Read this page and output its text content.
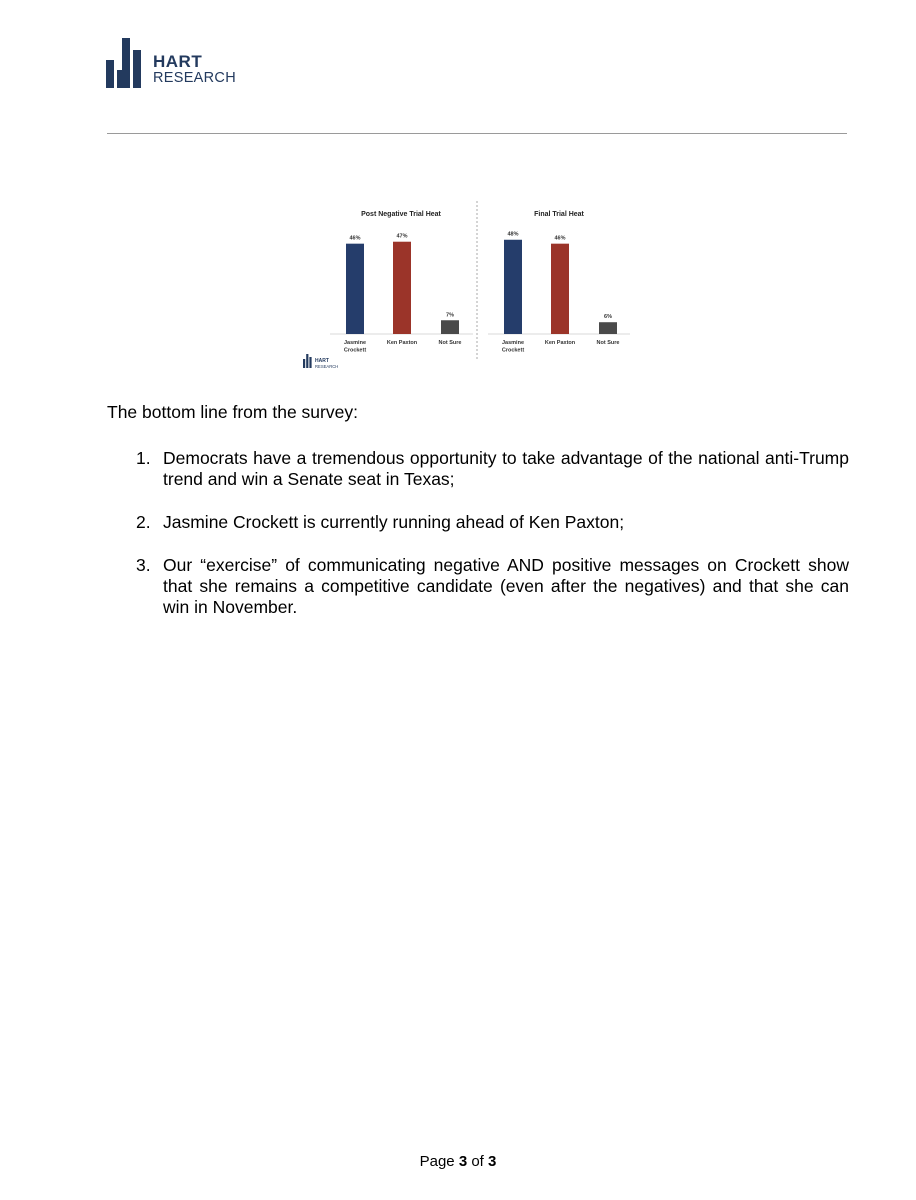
HART
RESEARCH
Post Negative Trial Heat
46%
Jasmine
Crockett
47%
Ken Paxton
7%
Not Sure
Final Trial Heat
48%
Jasmine
Crockett
46%
Ken Paxton
6%
Not Sure
HART
RESEARCH
The bottom line from the survey:
1. Democrats have a tremendous opportunity to take advantage of the national anti-Trump trend and win a Senate seat in Texas;
2. Jasmine Crockett is currently running ahead of Ken Paxton;
3. Our “exercise” of communicating negative AND positive messages on Crockett show that she remains a competitive candidate (even after the negatives) and that she can win in November.
Page 3 of 3
